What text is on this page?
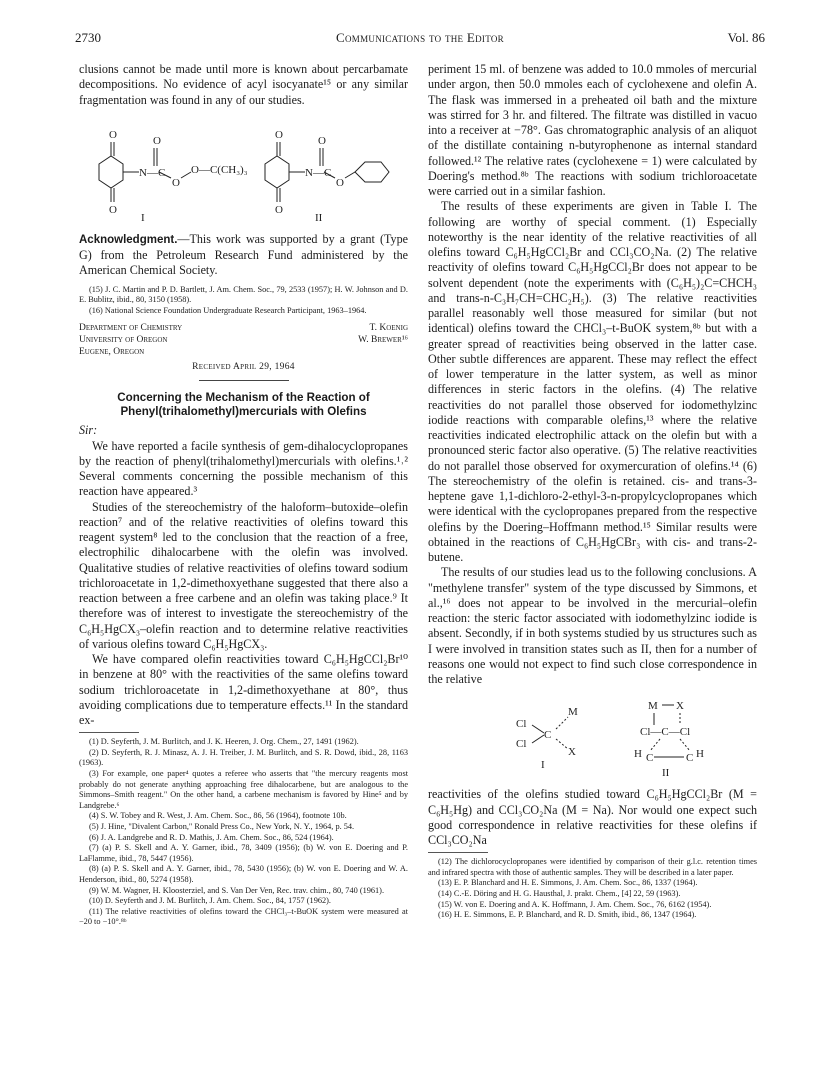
2730	Communications to the Editor	Vol. 86

clusions cannot be made until more is known about percarbamate decompositions. No evidence of acyl isocyanate¹⁵ or any similar fragmentation was found in any of our studies.

O
O
N—C
O
O
O
O
N—C
O
O
O—C(CH₃)₃
I	II

Acknowledgment.—This work was supported by a grant (Type G) from the Petroleum Research Fund administered by the American Chemical Society.

(15) J. C. Martin and P. D. Bartlett, J. Am. Chem. Soc., 79, 2533 (1957); H. W. Johnson and D. E. Bublitz, ibid., 80, 3150 (1958).

(16) National Science Foundation Undergraduate Research Participant, 1963–1964.

Department of Chemistry
University of Oregon
Eugene, Oregon
T. Koenig
W. Brewer¹⁶
Received April 29, 1964
Concerning the Mechanism of the Reaction of
Phenyl(trihalomethyl)mercurials with Olefins
Sir:

We have reported a facile synthesis of gem-dihalocyclopropanes by the reaction of phenyl(trihalomethyl)mercurials with olefins.¹˒² Several comments concerning the possible mechanism of this reaction have appeared.³

Studies of the stereochemistry of the haloform–butoxide–olefin reaction⁷ and of the relative reactivities of olefins toward this reagent system⁸ led to the conclusion that the reaction of a free, electrophilic dihalocarbene with the olefin was involved. Qualitative studies of relative reactivities of olefins toward sodium trichloroacetate in 1,2-dimethoxyethane suggested that there also a reaction between a free carbene and an olefin was taking place.⁹ It therefore was of interest to investigate the stereochemistry of the C₆H₅HgCX₃–olefin reaction and to determine relative reactivities of various olefins toward C₆H₅HgCX₃.

We have compared olefin reactivities toward C₆H₅HgCCl₂Br¹⁰ in benzene at 80° with the reactivities of the same olefins toward sodium trichloroacetate in 1,2-dimethoxyethane at 80°, thus avoiding complications due to temperature effects.¹¹ In the standard ex-

(1) D. Seyferth, J. M. Burlitch, and J. K. Heeren, J. Org. Chem., 27, 1491 (1962).

(2) D. Seyferth, R. J. Minasz, A. J. H. Treiber, J. M. Burlitch, and S. R. Dowd, ibid., 28, 1163 (1963).

(3) For example, one paper⁴ quotes a referee who asserts that "the mercury reagents most probably do not generate anything approaching free dihalocarbene, but are analogous to the Simmons–Smith reagent." On the other hand, a carbene mechanism is favored by Hine⁵ and by Landgrebe.⁶

(4) S. W. Tobey and R. West, J. Am. Chem. Soc., 86, 56 (1964), footnote 10b.

(5) J. Hine, "Divalent Carbon," Ronald Press Co., New York, N. Y., 1964, p. 54.

(6) J. A. Landgrebe and R. D. Mathis, J. Am. Chem. Soc., 86, 524 (1964).

(7) (a) P. S. Skell and A. Y. Garner, ibid., 78, 3409 (1956); (b) W. von E. Doering and P. LaFlamme, ibid., 78, 5447 (1956).

(8) (a) P. S. Skell and A. Y. Garner, ibid., 78, 5430 (1956); (b) W. von E. Doering and W. A. Henderson, ibid., 80, 5274 (1958).

(9) W. M. Wagner, H. Kloosterziel, and S. Van Der Ven, Rec. trav. chim., 80, 740 (1961).

(10) D. Seyferth and J. M. Burlitch, J. Am. Chem. Soc., 84, 1757 (1962).

(11) The relative reactivities of olefins toward the CHCl₃–t-BuOK system were measured at −20 to −10°.⁸ᵇ

periment 15 ml. of benzene was added to 10.0 mmoles of mercurial under argon, then 50.0 mmoles each of cyclohexene and olefin A. The flask was immersed in a preheated oil bath and the mixture was stirred for 3 hr. and filtered. The filtrate was distilled in vacuo into a receiver at −78°. Gas chromatographic analysis of an aliquot of the distillate containing n-butyrophenone as internal standard followed.¹² The relative rates (cyclohexene = 1) were calculated by Doering's method.⁸ᵇ The reactions with sodium trichloroacetate were carried out in a similar fashion.

The results of these experiments are given in Table I. The following are worthy of special comment. (1) Especially noteworthy is the near identity of the relative reactivities of all olefins toward C₆H₅HgCCl₂Br and CCl₃CO₂Na. (2) The relative reactivity of olefins toward C₆H₅HgCCl₂Br does not appear to be solvent dependent (note the experiments with (C₆H₅)₂C=CHCH₃ and trans-n-C₃H₇CH=CHC₂H₅). (3) The relative reactivities parallel reasonably well those measured for similar (but not identical) olefins toward the CHCl₃–t-BuOK system,⁸ᵇ but with a greater spread of reactivities being observed in the latter case. Other subtle differences are apparent. These may reflect the effect of lower temperature in the latter system, as well as minor differences in steric factors in the olefins. (4) The relative reactivities do not parallel those observed for iodomethylzinc iodide reactions with comparable olefins,¹³ where the relative reactivities indicated electrophilic attack on the olefin but with a pronounced steric factor also operative. (5) The relative reactivities do not parallel those observed for oxymercuration of olefins.¹⁴ (6) The stereochemistry of the olefin is retained. cis- and trans-3-heptene gave 1,1-dichloro-2-ethyl-3-n-propylcyclopropanes which were identical with the cyclopropanes prepared from the respective olefins by the Doering–Hoffmann method.¹⁵ Similar results were obtained in the reactions of C₆H₅HgCBr₃ with cis- and trans-2-butene.

The results of our studies lead us to the following conclusions. A "methylene transfer" system of the type discussed by Simmons, et al.,¹⁶ does not appear to be involved in the mercurial–olefin reaction: the steric factor associated with iodomethylzinc iodide is absent. Secondly, if in both systems studied by us structures such as I were involved in transition states such as II, then for a number of reasons one would not expect to find such close correspondence in the relative

Cl
Cl
C
M
X
M X
Cl—C—Cl
H C	C H
I
II

reactivities of the olefins studied toward C₆H₅HgCCl₂Br (M = C₆H₅Hg) and CCl₃CO₂Na (M = Na). Nor would one expect such good correspondence in relative reactivities for these olefins if CCl₃CO₂Na

(12) The dichlorocyclopropanes were identified by comparison of their g.l.c. retention times and infrared spectra with those of authentic samples. They will be described in a later paper.

(13) E. P. Blanchard and H. E. Simmons, J. Am. Chem. Soc., 86, 1337 (1964).

(14) C.-E. Döring and H. G. Hausthal, J. prakt. Chem., [4] 22, 59 (1963).

(15) W. von E. Doering and A. K. Hoffmann, J. Am. Chem. Soc., 76, 6162 (1954).

(16) H. E. Simmons, E. P. Blanchard, and R. D. Smith, ibid., 86, 1347 (1964).
